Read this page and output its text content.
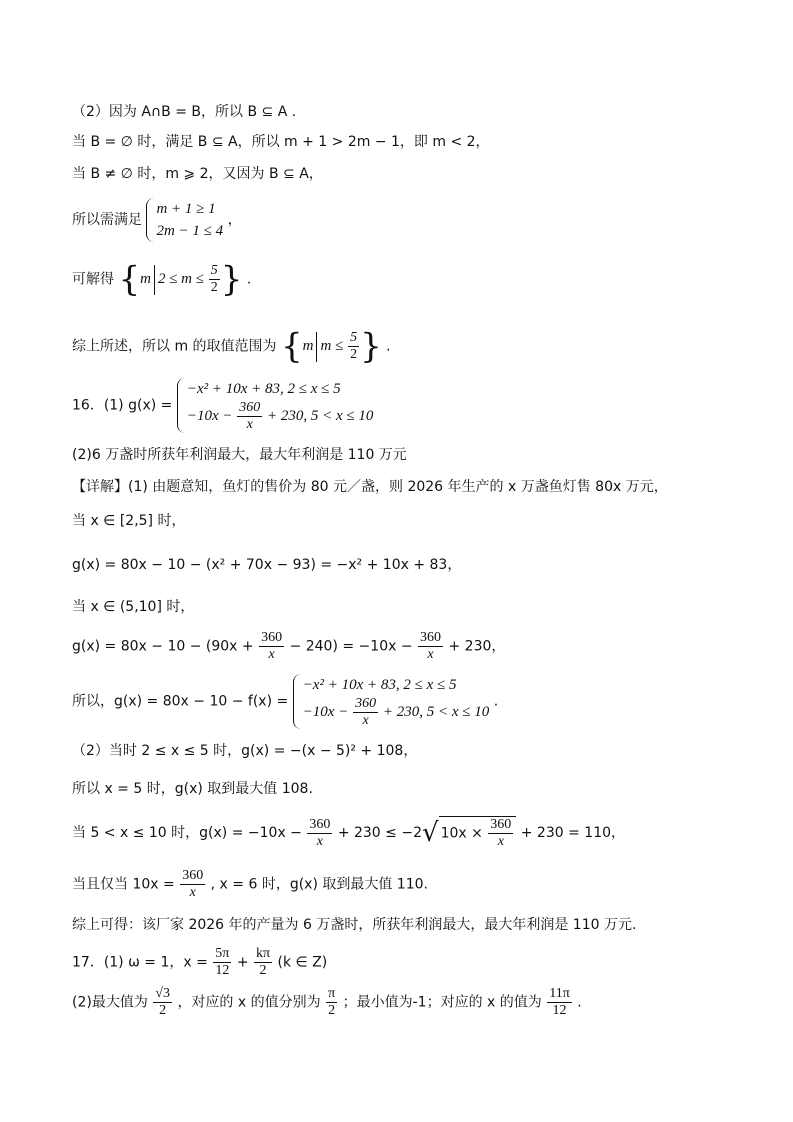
（2）因为 A∩B = B，所以 B ⊆ A .
当 B = ∅ 时，满足 B ⊆ A，所以 m + 1 > 2m − 1，即 m < 2，
当 B ≠ ∅ 时，m ⩾ 2，又因为 B ⊆ A，
所以需满足
m + 1 ≥ 1
2m − 1 ≤ 4
，
可解得 {m $2 \le m \le \frac{5}{2}$ } .
综上所述，所以 m 的取值范围为 {m $m \le \frac{5}{2}$ } .
16．(1) g(x) =
−x² + 10x + 83, 2 ≤ x ≤ 5
$-10x - \frac{360}{x} + 230$, 5 < x ≤ 10
(2)6 万盏时所获年利润最大，最大年利润是 110 万元
【详解】(1) 由题意知，鱼灯的售价为 80 元／盏，则 2026 年生产的 x 万盏鱼灯售 80x 万元，
当 x ∈ [2,5] 时，
g(x) = 80x − 10 − (x² + 70x − 93) = −x² + 10x + 83，
当 x ∈ (5,10] 时，
$g(x) = 80x - 10 - (90x + \frac{360}{x} - 240) = -10x - \frac{360}{x} + 230$，
所以，g(x) = 80x − 10 − f(x) =
−x² + 10x + 83, 2 ≤ x ≤ 5
$-10x - \frac{360}{x} + 230$, 5 < x ≤ 10
.
（2）当时 2 ≤ x ≤ 5 时，g(x) = −(x − 5)² + 108，
所以 x = 5 时，g(x) 取到最大值 108.
当 5 < x ≤ 10 时，$g(x) = -10x - \frac{360}{x} + 230 \le -2√$ $10x \times \frac{360}{x} + 230 = 110$，
当且仅当 $10x = \frac{360}{x}$ , x = 6 时，g(x) 取到最大值 110.
综上可得：该厂家 2026 年的产量为 6 万盏时，所获年利润最大，最大年利润是 110 万元.
17．(1) ω = 1，$x = \frac{5\pi}{12} + \frac{k\pi}{2} (k$ ∈ Z)
(2)最大值为 $\frac{√3}{2}$ ，对应的 x 的值分别为 $\frac{\pi}{2}$ ；最小值为-1；对应的 x 的值为 $\frac{11\pi}{12}$ .
